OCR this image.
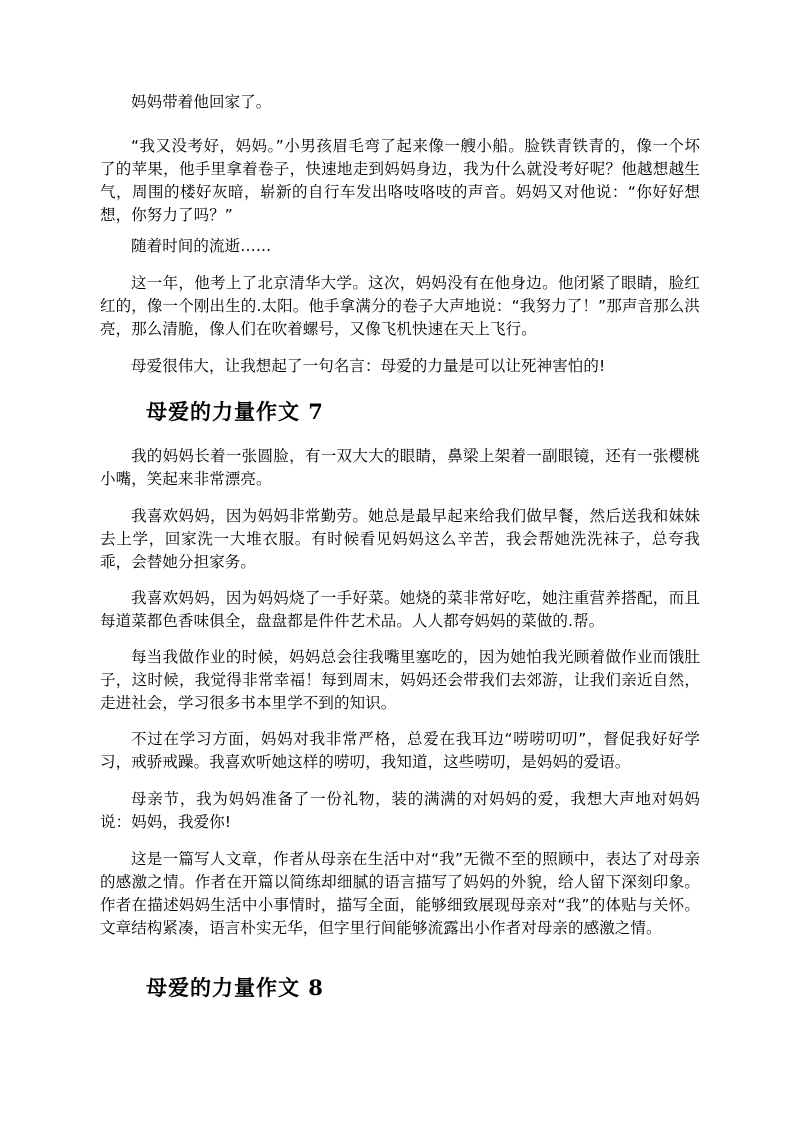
妈妈带着他回家了。

“我又没考好，妈妈。”小男孩眉毛弯了起来像一艘小船。脸铁青铁青的，像一个坏了的苹果，他手里拿着卷子，快速地走到妈妈身边，我为什么就没考好呢？他越想越生气，周围的楼好灰暗，崭新的自行车发出咯吱咯吱的声音。妈妈又对他说：“你好好想想，你努力了吗？”

随着时间的流逝……

这一年，他考上了北京清华大学。这次，妈妈没有在他身边。他闭紧了眼睛，脸红红的，像一个刚出生的.太阳。他手拿满分的卷子大声地说：“我努力了！”那声音那么洪亮，那么清脆，像人们在吹着螺号，又像飞机快速在天上飞行。

母爱很伟大，让我想起了一句名言：母爱的力量是可以让死神害怕的!

母爱的力量作文 7

我的妈妈长着一张圆脸，有一双大大的眼睛，鼻梁上架着一副眼镜，还有一张樱桃小嘴，笑起来非常漂亮。

我喜欢妈妈，因为妈妈非常勤劳。她总是最早起来给我们做早餐，然后送我和妹妹去上学，回家洗一大堆衣服。有时候看见妈妈这么辛苦，我会帮她洗洗袜子，总夸我乖，会替她分担家务。

我喜欢妈妈，因为妈妈烧了一手好菜。她烧的菜非常好吃，她注重营养搭配，而且每道菜都色香味俱全，盘盘都是件件艺术品。人人都夸妈妈的菜做的.帮。

每当我做作业的时候，妈妈总会往我嘴里塞吃的，因为她怕我光顾着做作业而饿肚子，这时候，我觉得非常幸福！每到周末，妈妈还会带我们去郊游，让我们亲近自然，走进社会，学习很多书本里学不到的知识。

不过在学习方面，妈妈对我非常严格，总爱在我耳边“唠唠叨叨”，督促我好好学习，戒骄戒躁。我喜欢听她这样的唠叨，我知道，这些唠叨，是妈妈的爱语。

母亲节，我为妈妈准备了一份礼物，装的满满的对妈妈的爱，我想大声地对妈妈说：妈妈，我爱你!

这是一篇写人文章，作者从母亲在生活中对“我”无微不至的照顾中，表达了对母亲的感激之情。作者在开篇以简练却细腻的语言描写了妈妈的外貌，给人留下深刻印象。作者在描述妈妈生活中小事情时，描写全面，能够细致展现母亲对“我”的体贴与关怀。 文章结构紧凑，语言朴实无华，但字里行间能够流露出小作者对母亲的感激之情。

母爱的力量作文 8
